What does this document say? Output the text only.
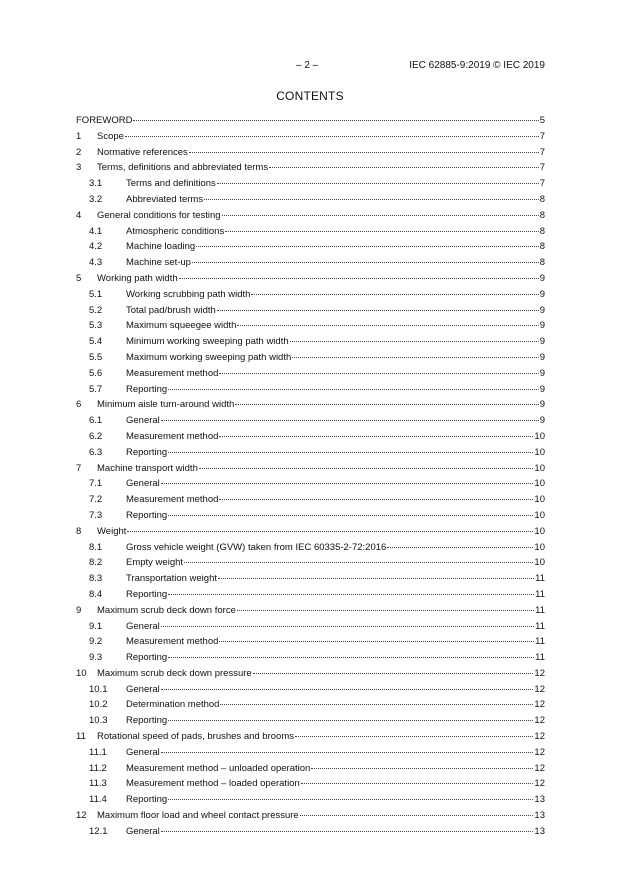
– 2 –	IEC 62885-9:2019 © IEC 2019
CONTENTS
FOREWORD	5
1	Scope	7
2	Normative references	7
3	Terms, definitions and abbreviated terms	7
3.1	Terms and definitions	7
3.2	Abbreviated terms	8
4	General conditions for testing	8
4.1	Atmospheric conditions	8
4.2	Machine loading	8
4.3	Machine set-up	8
5	Working path width	9
5.1	Working scrubbing path width	9
5.2	Total pad/brush width	9
5.3	Maximum squeegee width	9
5.4	Minimum working sweeping path width	9
5.5	Maximum working sweeping path width	9
5.6	Measurement method	9
5.7	Reporting	9
6	Minimum aisle turn-around width	9
6.1	General	9
6.2	Measurement method	10
6.3	Reporting	10
7	Machine transport width	10
7.1	General	10
7.2	Measurement method	10
7.3	Reporting	10
8	Weight	10
8.1	Gross vehicle weight (GVW) taken from IEC 60335-2-72:2016	10
8.2	Empty weight	10
8.3	Transportation weight	11
8.4	Reporting	11
9	Maximum scrub deck down force	11
9.1	General	11
9.2	Measurement method	11
9.3	Reporting	11
10	Maximum scrub deck down pressure	12
10.1	General	12
10.2	Determination method	12
10.3	Reporting	12
11	Rotational speed of pads, brushes and brooms	12
11.1	General	12
11.2	Measurement method – unloaded operation	12
11.3	Measurement method – loaded operation	12
11.4	Reporting	13
12	Maximum floor load and wheel contact pressure	13
12.1	General	13
